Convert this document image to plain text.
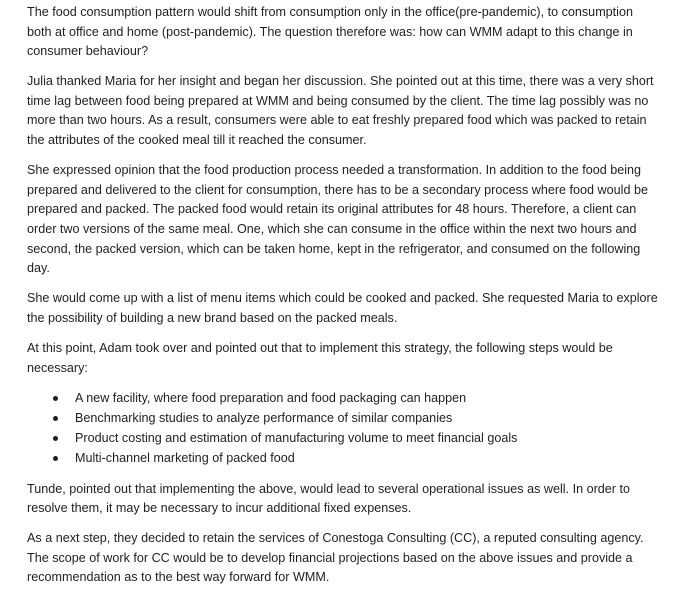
The food consumption pattern would shift from consumption only in the office(pre-pandemic), to consumption both at office and home (post-pandemic). The question therefore was: how can WMM adapt to this change in consumer behaviour?

Julia thanked Maria for her insight and began her discussion. She pointed out at this time, there was a very short time lag between food being prepared at WMM and being consumed by the client. The time lag possibly was no more than two hours. As a result, consumers were able to eat freshly prepared food which was packed to retain the attributes of the cooked meal till it reached the consumer.

She expressed opinion that the food production process needed a transformation. In addition to the food being prepared and delivered to the client for consumption, there has to be a secondary process where food would be prepared and packed. The packed food would retain its original attributes for 48 hours. Therefore, a client can order two versions of the same meal. One, which she can consume in the office within the next two hours and second, the packed version, which can be taken home, kept in the refrigerator, and consumed on the following day.

She would come up with a list of menu items which could be cooked and packed. She requested Maria to explore the possibility of building a new brand based on the packed meals.

At this point, Adam took over and pointed out that to implement this strategy, the following steps would be necessary:

A new facility, where food preparation and food packaging can happen
Benchmarking studies to analyze performance of similar companies
Product costing and estimation of manufacturing volume to meet financial goals
Multi-channel marketing of packed food

Tunde, pointed out that implementing the above, would lead to several operational issues as well. In order to resolve them, it may be necessary to incur additional fixed expenses.

As a next step, they decided to retain the services of Conestoga Consulting (CC), a reputed consulting agency. The scope of work for CC would be to develop financial projections based on the above issues and provide a recommendation as to the best way forward for WMM.
